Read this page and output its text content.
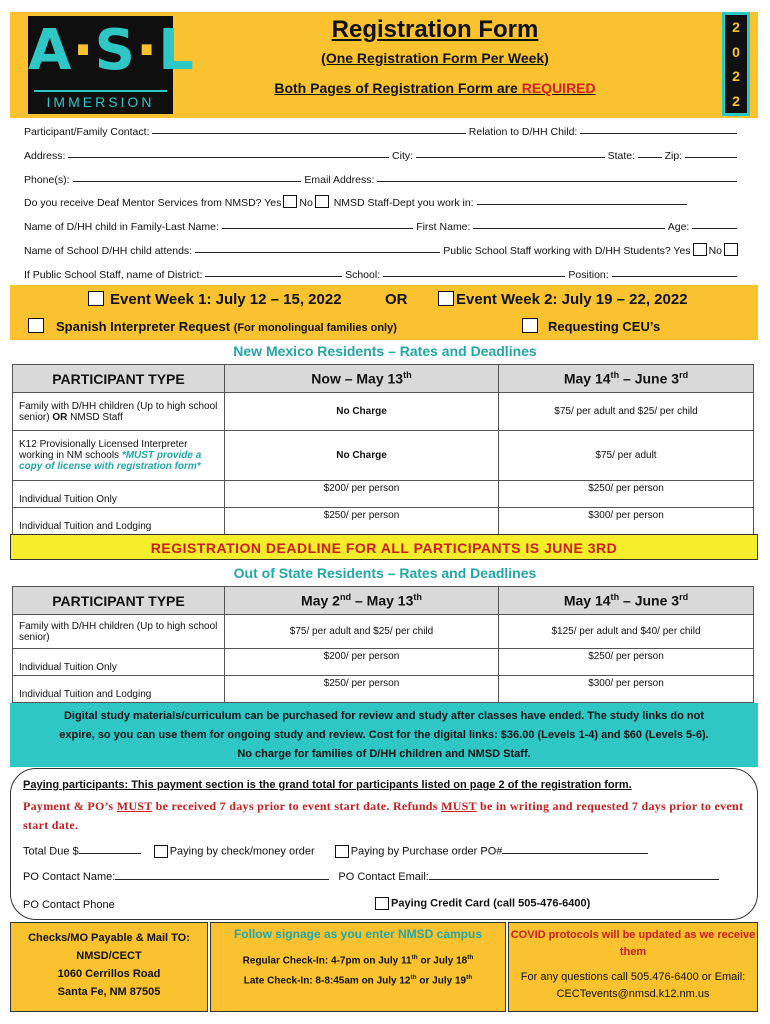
A·S·L
IMMERSION
Registration Form
(One Registration Form Per Week)
Both Pages of Registration Form are REQUIRED
2
0
2
2
Participant/Family Contact:	Relation to D/HH Child:
Address:	City:	State:	Zip:
Phone(s):	Email Address:
Do you receive Deaf Mentor Services from NMSD? Yes No
NMSD Staff-Dept you work in:
Name of D/HH child in Family-Last Name:	First Name:	Age:
Name of School D/HH child attends:	Public School Staff working with D/HH Students? Yes No
If Public School Staff, name of District:	School:	Position:
Event Week 1: July 12 – 15, 2022	OR	Event Week 2: July 19 – 22, 2022
Spanish Interpreter Request (For monolingual families only)	Requesting CEU’s
New Mexico Residents – Rates and Deadlines
PARTICIPANT TYPE	Now – May 13th	May 14th – June 3rd
Family with D/HH children (Up to high school senior) OR NMSD Staff	No Charge	$75/ per adult and $25/ per child
K12 Provisionally Licensed Interpreter working in NM schools *MUST provide a copy of license with registration form*	No Charge	$75/ per adult
Individual Tuition Only	$200/ per person	$250/ per person
Individual Tuition and Lodging	$250/ per person	$300/ per person
REGISTRATION DEADLINE FOR ALL PARTICIPANTS IS JUNE 3RD
Out of State Residents – Rates and Deadlines
PARTICIPANT TYPE	May 2nd – May 13th	May 14th – June 3rd
Family with D/HH children (Up to high school senior)	$75/ per adult and $25/ per child	$125/ per adult and $40/ per child
Individual Tuition Only	$200/ per person	$250/ per person
Individual Tuition and Lodging	$250/ per person	$300/ per person
Digital study materials/curriculum can be purchased for review and study after classes have ended. The study links do not
expire, so you can use them for ongoing study and review. Cost for the digital links: $36.00 (Levels 1-4) and $60 (Levels 5-6).
No charge for families of D/HH children and NMSD Staff.
Paying participants: This payment section is the grand total for participants listed on page 2 of the registration form.
Payment & PO’s MUST be received 7 days prior to event start date. Refunds MUST be in writing and requested 7 days prior to event start date.
Total Due $	Paying by check/money order	Paying by Purchase order PO#
PO Contact Name:	PO Contact Email:
PO Contact Phone	Paying Credit Card (call 505-476-6400)
Checks/MO Payable & Mail TO:
NMSD/CECT
1060 Cerrillos Road
Santa Fe, NM 87505
Follow signage as you enter NMSD campus
Regular Check-In: 4-7pm on July 11th or July 18th
Late Check-In: 8-8:45am on July 12th or July 19th
COVID protocols will be updated as we receive them
For any questions call 505.476-6400 or Email: CECTevents@nmsd.k12.nm.us
